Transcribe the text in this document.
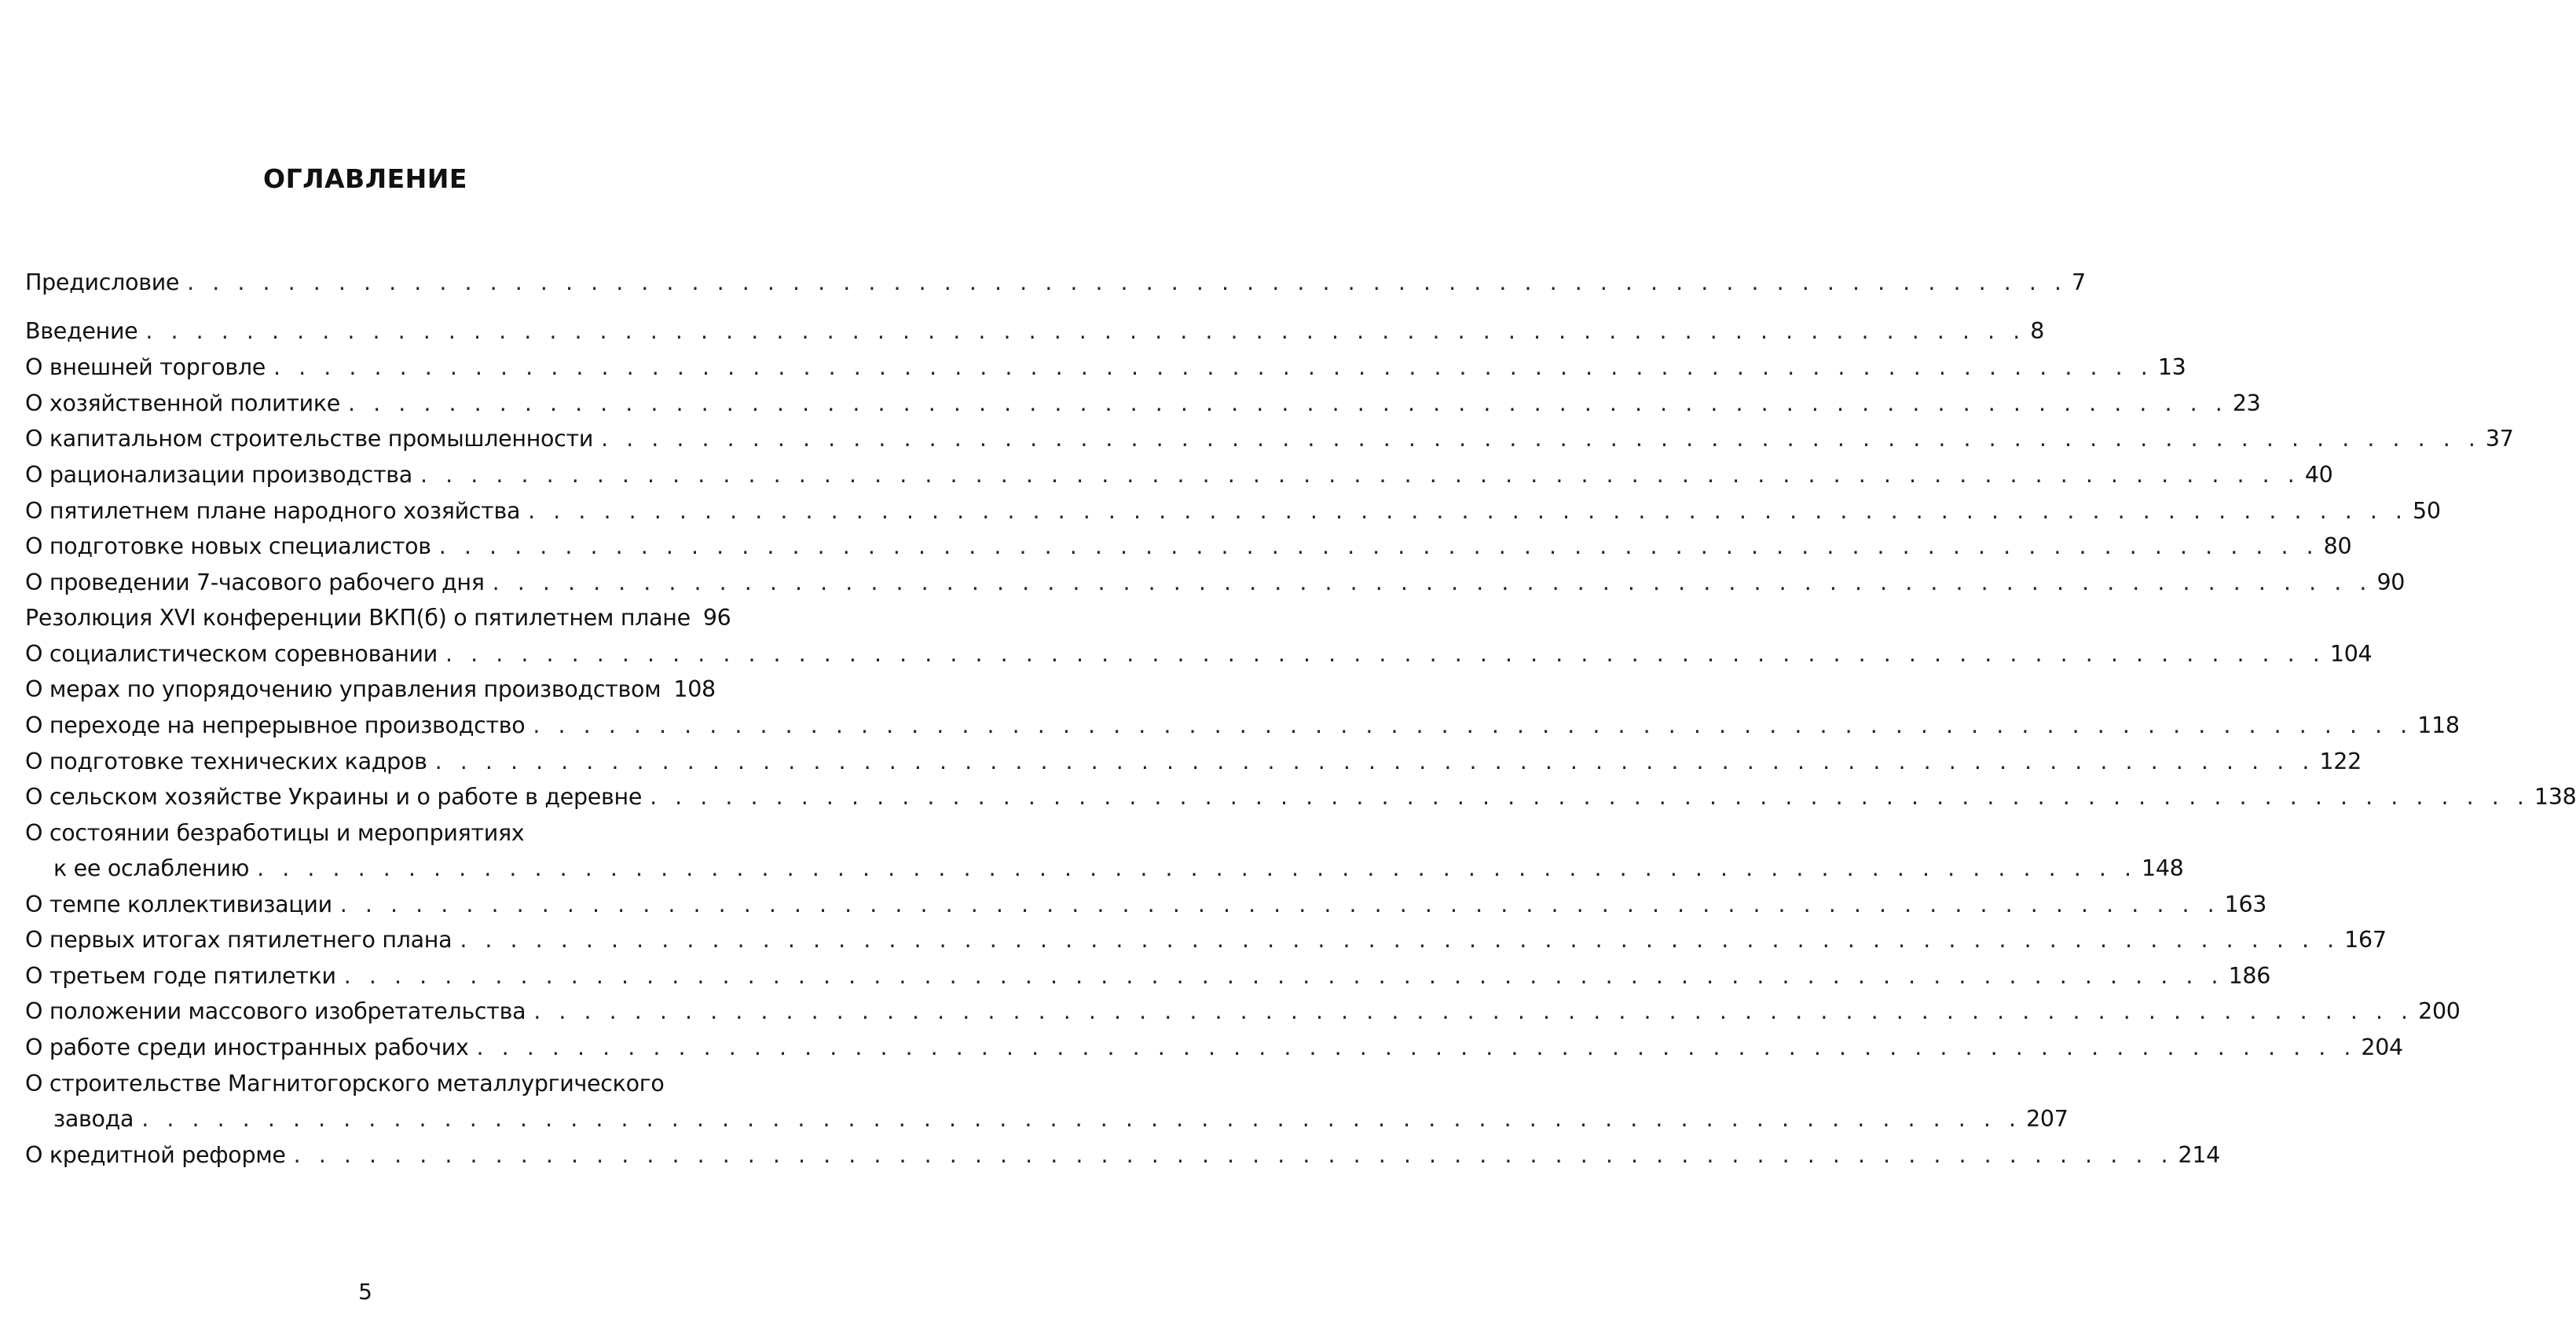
ОГЛАВЛЕНИЕ
Предисловие . . . . . . . . . . . . . . . . . . . . . . . . . . . . . . . . . . . . . . . . . . . . . . . . . . . . . . . . . . . . . . . . . . . . . . . . . . . 7
Введение . . . . . . . . . . . . . . . . . . . . . . . . . . . . . . . . . . . . . . . . . . . . . . . . . . . . . . . . . . . . . . . . . . . . . . . . . . . 8
О внешней торговле . . . . . . . . . . . . . . . . . . . . . . . . . . . . . . . . . . . . . . . . . . . . . . . . . . . . . . . . . . . . . . . . . . . . . . . . . . . 13
О хозяйственной политике . . . . . . . . . . . . . . . . . . . . . . . . . . . . . . . . . . . . . . . . . . . . . . . . . . . . . . . . . . . . . . . . . . . . . . . . . . . 23
О капитальном строительстве промышленности . . . . . . . . . . . . . . . . . . . . . . . . . . . . . . . . . . . . . . . . . . . . . . . . . . . . . . . . . . . . . . . . . . . . . . . . . . . 37
О рационализации производства . . . . . . . . . . . . . . . . . . . . . . . . . . . . . . . . . . . . . . . . . . . . . . . . . . . . . . . . . . . . . . . . . . . . . . . . . . . 40
О пятилетнем плане народного хозяйства . . . . . . . . . . . . . . . . . . . . . . . . . . . . . . . . . . . . . . . . . . . . . . . . . . . . . . . . . . . . . . . . . . . . . . . . . . . 50
О подготовке новых специалистов . . . . . . . . . . . . . . . . . . . . . . . . . . . . . . . . . . . . . . . . . . . . . . . . . . . . . . . . . . . . . . . . . . . . . . . . . . . 80
О проведении 7-часового рабочего дня . . . . . . . . . . . . . . . . . . . . . . . . . . . . . . . . . . . . . . . . . . . . . . . . . . . . . . . . . . . . . . . . . . . . . . . . . . . 90
Резолюция XVI конференции ВКП(б) о пятилетнем плане 96
О социалистическом соревновании . . . . . . . . . . . . . . . . . . . . . . . . . . . . . . . . . . . . . . . . . . . . . . . . . . . . . . . . . . . . . . . . . . . . . . . . . . . 104
О мерах по упорядочению управления производством 108
О переходе на непрерывное производство . . . . . . . . . . . . . . . . . . . . . . . . . . . . . . . . . . . . . . . . . . . . . . . . . . . . . . . . . . . . . . . . . . . . . . . . . . . 118
О подготовке технических кадров . . . . . . . . . . . . . . . . . . . . . . . . . . . . . . . . . . . . . . . . . . . . . . . . . . . . . . . . . . . . . . . . . . . . . . . . . . . 122
О сельском хозяйстве Украины и о работе в деревне . . . . . . . . . . . . . . . . . . . . . . . . . . . . . . . . . . . . . . . . . . . . . . . . . . . . . . . . . . . . . . . . . . . . . . . . . . . 138
О состоянии безработицы и мероприятиях
к ее ослаблению . . . . . . . . . . . . . . . . . . . . . . . . . . . . . . . . . . . . . . . . . . . . . . . . . . . . . . . . . . . . . . . . . . . . . . . . . . . 148
О темпе коллективизации . . . . . . . . . . . . . . . . . . . . . . . . . . . . . . . . . . . . . . . . . . . . . . . . . . . . . . . . . . . . . . . . . . . . . . . . . . . 163
О первых итогах пятилетнего плана . . . . . . . . . . . . . . . . . . . . . . . . . . . . . . . . . . . . . . . . . . . . . . . . . . . . . . . . . . . . . . . . . . . . . . . . . . . 167
О третьем годе пятилетки . . . . . . . . . . . . . . . . . . . . . . . . . . . . . . . . . . . . . . . . . . . . . . . . . . . . . . . . . . . . . . . . . . . . . . . . . . . 186
О положении массового изобретательства . . . . . . . . . . . . . . . . . . . . . . . . . . . . . . . . . . . . . . . . . . . . . . . . . . . . . . . . . . . . . . . . . . . . . . . . . . . 200
О работе среди иностранных рабочих . . . . . . . . . . . . . . . . . . . . . . . . . . . . . . . . . . . . . . . . . . . . . . . . . . . . . . . . . . . . . . . . . . . . . . . . . . . 204
О строительстве Магнитогорского металлургического
завода . . . . . . . . . . . . . . . . . . . . . . . . . . . . . . . . . . . . . . . . . . . . . . . . . . . . . . . . . . . . . . . . . . . . . . . . . . . 207
О кредитной реформе . . . . . . . . . . . . . . . . . . . . . . . . . . . . . . . . . . . . . . . . . . . . . . . . . . . . . . . . . . . . . . . . . . . . . . . . . . . 214
5
